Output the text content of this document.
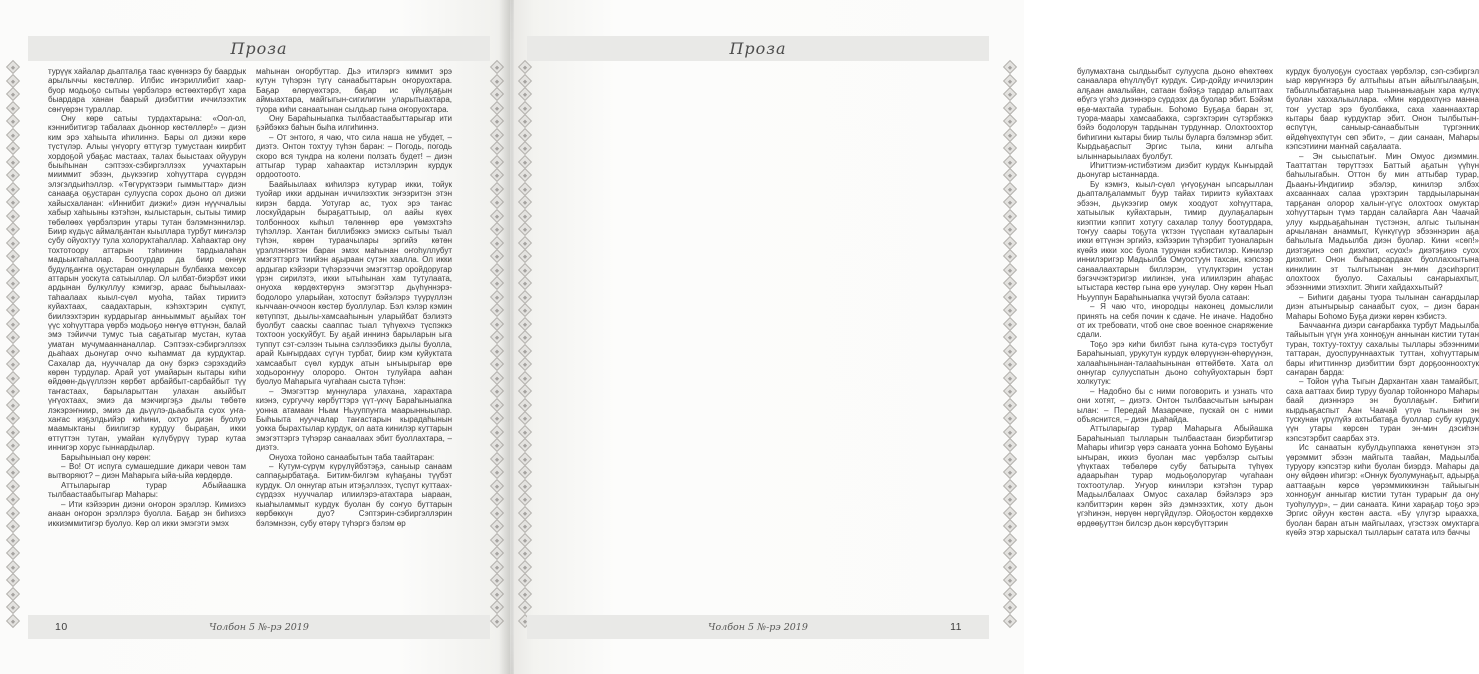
Проза

турүүк хайалар дьапталҕа таас күөннэрэ бу баардык арылыччы көстөллөр. Илбис иҥэриллибит хаар-буор модьоҕо сытыы үөрбэлэрэ өстөөхтөрбүт хара быардара ханан баарый диэбиттии иччилээхтик сөҥүөрэн тураллар.

Ону көрө сатыы турдахтарына: «Оол-ол, кэннибитигэр табалаах дьоннор көстөллөр!» – диэн ким эрэ хаһыыта иһилиннэ. Бары ол диэки көрө түстүлэр. Алыы үҥүоргу өттүгэр тумустаан киирбит хордоҕой убаҕас мастаах, талах быыстаах ойуурун быыһынан сэптээх-сэбиргэллээх уучахтарын мииммит эбээн, дьүкээгир хоһүуттара сүүрдэн элэгэлдьиһэллэр. «Төгүрүктээри гыммыттар» диэн санааҕа оҕустаран сулууспа сорох дьоно ол диэки хайысхаланан: «Иннибит диэки!» диэн нүүччалыы хабыр хаһыыны кэтэһэн, кылыстарын, сытыы тимир төбөлөөх үөрбэлэрин утары тутан бэлэмнэннилэр. Биир күдьүс аймалҕантан кыыллара турбут миҥэлэр субу ойуохтуу тула холоруктаһаллар. Хаһаактар ону тохтотоору аттарын тэһиинин тардыалаһан мадьыктаһаллар. Боотурдар да биир оннук будулҕаҥҥа оҕустаран оннуларын булбакка мөхсөр аттарын уоскута сатыыллар. Ол ылбат-биэрбэт икки ардынан булкуллуу кэмигэр, араас быһыылаах-таһаалаах кыыл-сүөл муоһа, тайах тириитэ куйахтаах, саадахтарын, кэһэхтэрин сүкпүт, биилээхтэрин курдарыгар анньыммыт аҕыйах тоҥ үүс хоһүуттара үөрбэ модьоҕо нөҥүө өттүнэн, балай эмэ тэйиччи тумус тыа саҕатыгар мустан, кутаа уматан мучумааннаналлар. Сэптээх-сэбиргэллээх дьаһаах дьонугар оччо кыһаммат да курдуктар. Сахалар да, нууччалар да ону бэркэ сэрэхэдийэ көрөн турдулар. Арай уот умайарын кытары киһи өйдөөн-дьүүллээн көрбөт арбайбыт-сарбайбыт түү таҥастаах, барыларыттан улахан акыйбыт үҥүохтаах, эмиэ да мэкчиргэҕэ дылы төбөтө лэкэрэҥниир, эмиэ да дьүүлэ-дьаабыта суох уҥа-хаҥас иэҕэлдьийэр киһини, охтуо диэн буолуо маамыктаны биилигэр курдуу быраҕан, икки өттүттэн тутан, умайан күлүбүрүү турар кутаа иннигэр хорус гыннардылар.

Барыһыныап ону көрөн:

– Во! От испуга сумашедшие дикари чевон там вытворяют? – диэн Маһарыга ыйа-ыйа көрдөрдө.

Аттыларыгар турар Абыйаашка тылбаастаабытыгар Маһары:

– Ити кэйээрин диэни оҥорон эрэллэр. Кимиэхэ анаан оҥорон эрэллэрэ буолла. Баҕар эн биһиэхэ иккиэммитигэр буолуо. Көр ол икки эмэгэти эмэх

маһынан оҥорбуттар. Дьэ итилэргэ киммит эрэ кутун түһэрэн түгү санаабыттарын оҥоруохтара. Баҕар өлөрүөхтэрэ, баҕар ис үйүлҕаҕын аймыахтара, майгыгын-сигилигин уларытыахтара, туора киһи санаатынан сылдьар гына оҥоруохтара.

Ону Бараһыныапка тылбаастаабыттарыгар ити ҕэйбэккэ баһын быһа илгиһиннэ.

– От энтого, я чаю, что сила наша не убудет, – диэтэ. Онтон тохтуу түһэн баран: – Погодь, погодь скоро вся тундра на колени ползать будет! – диэн аттыгар турар хаһаактар истэллэрин курдук ордоотоото.

Баайыылаах киһилэрэ кутурар икки, тойук туойар икки ардынан иччилээхтик эҥээритэн этэн кирэн барда. Уотугар ас, туох эрэ таҥас лоскуйдарын быраҕаттыыр, ол аайы күөх толбонноох кыһыл төлөннөр өрө үөмэхтэһэ түһэллэр. Хантан биллибэккэ эмискэ сытыы тыал түһэн, көрөн тураачылары эргийэ көтөн үрэллэҥнэтэн баран эмэх маһынан оҥоһуллубут эмэгэттэргэ тиийэн аҕыраан сүтэн хаалла. Ол икки ардыгар кэйээри түһэрээччи эмэгэттэр оройдоругар үрэн сирилэтэ, икки ытыһынан хам тутулаата, онуоха көрдөхтөрүнэ эмэгэттэр дьүһүннэрэ-бодолоро уларыйан, хотоспут бэйэлэрэ түүрүллэн кыччаан-оччоон көстөр буоллулар. Бэл кэлэр кэмин көтүппэт, дьылы-хамсааһынын уларыйбат бэлиэтэ буолбут сааскы сааппас тыал түһүөхчэ түспэккэ тохтоон уоскуйбут. Бу аҕай иннинэ барыларын ыга туппут сэт-сэлээн тыына сэллээбиккэ дылы буолла, арай Кыҥырдаах сүгүн турбат, биир кэм куйуктата хамсаабыт сүөл курдук атын ыҥыырыгар өрө ходьороҥнуу олороро. Онтон тулуйара ааһан буолуо Маһарыга чугаһаан сыста түһэн:

– Эмэгэттэр муннулара улахана, харахтара киэнэ, сургуччу көрбүттэрэ үүт-үкчү Бараһыныапка уонна атамаан Ньам Ньууппуҥга маарынныылар. Быһыыта нууччалар таҥастарын кырадаһынын уокка бырахтылар курдук, ол аата кинилэр куттарын эмэгэттэргэ түһэрэр санаалаах эбит буоллахтара, – диэтэ.

Онуоха тойоно санаабытын таба таайтаран:

– Кутум-сүрүм күрүлүйбэтэҕэ, саныыр санаам саппаҕырбатаҕа. Битим-билгэм күһаҕаны түүбэт курдук. Ол оннугар атын итэҕэллээх, түспүт куттаах-сүрдээх нууччалар илиилэрэ-атахтара ыараан, кыаһыламмыт курдук буолан бу соҥуо буттарын көрбөккүн дуо? Сэптэрин-сэбиргэллэрин бэлэмнээн, субу өтөрү түһэргэ бэлэм өр

Чолбон 5 №-рэ 2019
10
Проза

булумахтана сылдьыбыт сулууспа дьоно өһөхтөөх санаалара өһүллүбүт курдук. Сир-дойду иччилэрин алҕаан амалыйан, сатаан бэйэҕэ тардар алыптаах өбүгэ үгэһэ диэннэрэ сүрдээх да буолар эбит. Бэйэм өҕө-махтайа турабын. Боһомо Буҕаҕа баран эт, туора-маары хамсаабакка, сэргэхтэрин сүтэрбэккэ бэйэ бодолорун тардынан турдуннар. Олохтоохтор биһигини кытары биир тылы буларга бэлэмнэр эбит. Кырдьаҕаспыт Эргис тыла, кини алгыһа ылыннарыылаах буолбут.

Иһиттиэм-истибэтиэм диэбит курдук Кыҥырдай дьонугар ыстаннарда.

Бу кэмҥэ, кыыл-сүөл үҥүоҕунан ыпсарыллан дьапталҕаламмыт буур тайах тириитэ куйахтаах эбээн, дьүкээгир омук хоодуот хоһүуттара, хатыылык куйахтарын, тимир дуулаҕаларын киэптии кэппит хотугу сахалар толуу боотурдара, тоҥуу саары тоҕута үктээн түүспаан кутааларын икки өттүнэн эргийэ, кэйээрин түһэрбит туоналарын күөйэ икки хос буола турунан кэбистилэр. Кинилэр иннилэригэр Мадьылба Омуостуун тахсан, кэпсээр санаалаахтарын биллэрэн, үтүлүктэрин устан бэгэччэктэригэр иилинэн, уҥа илиилэрин аһаҕас ытыстара көстөр гына өрө уунулар. Ону көрөн Ньап Ньууппун Бараһыныапка үчүгэй буола сатаан:

– Я чаю что, инородцы наконец домыслили принять на себя почин к сдаче. Не иначе. Надобно от их требовати, чтоб оне свое военное снаряжение сдали.

Тоҕо эрэ киһи билбэт гына кута-сүрэ тостубут Бараһыныап, урукутун курдук өлөрүүнэн-өһөрүүнэн, халааһынынан-талааһынынан өттөйбөтө. Хата ол оннугар сулууспатын дьоно соһуйуохтарын бэрт холкутук:

– Надобно бы с ними поговорить и узнать что они хотят, – диэтэ. Онтон тылбаасчытын ыҥыран ылан: – Передай Мазаречке, пускай он с ними объяснится, – диэн дьаһайда.

Аттыларыгар турар Маһарыга Абыйашка Бараһыныап тылларын тылбаастаан биэрбитигэр Маһары иһигэр үөрэ санаата уонна Боһомо Буҕаны ыҥыран, иккиэ буолан мас үөрбэлэр сытыы үһүктаах төбөлөрө субу батырыта түһүөх адаарыһан турар модьоҕолоругар чугаһаан тохтоотулар. Уҥуор кинилэри кэтэһэн турар Мадьылбалаах Омуос сахалар бэйэлэрэ эрэ кэлбиттэрин көрөн эйэ дэмнээхтик, хоту дьон үгэһинэн, нөрүөн нөргүйдүлэр. Ойоҕостон көрдөххө өрдөөҕүттэн билсэр дьон көрсүбүттэрин

курдук буолуоҕун суостаах үөрбэлэр, сэп-сэбиргэл ыар көрүҥнэрэ бу алтыһыы атын айылгылааҕын, табыллыбатаҕына ыар тыыннаныаҕын хара күлүк буолан хаххалыыллара. «Мин көрдөхпүнэ манна тоҥ уустар эрэ буолбакка, саха хааннаахтар кытары баар курдуктар эбит. Онон тылбытын-өспүтүн, саныыр-санаабытын түргэнник өйдөһүөхпүтүн сөп эбит», – дии санаан, Маһары кэпсэтиини маҥнай саҕалаата.

– Эн сыыспатыҥ. Мин Омуос диэммин. Тааттаттан төрүттээх Баттый аҕатын үүһүн баһылыгабын. Оттон бу мин аттыбар турар, Дьааҥы-Индигиир эбэлэр, кинилэр элбэх ахсааннаах салаа үрэхтэрин тардыыларынан тарҕанан олорор халыҥ-үгүс олохтоох омуктар хоһүуттарын түмэ тардан салайарга Аан Чаачай улуу кырдьаҕаһынан түстэнэн, алгыс тылынан арчыланан анаммыт, Күнкүгүүр эбээннэрин аҕа баһылыга Мадьылба диэн буолар. Кини «сөп!» диэтэҕинэ сөп диэхпит, «суох!» диэтэҕинэ суох диэхпит. Онон быһаарсардаах буоллаххытына кинилиин эт тылгытынан эн-мин дэсиһэргит олохтоох буолуо. Сахалыы саҥарыахпыт, эбээнними этиэхпит. Эһиги хайдаххытый?

– Биһиги даҕаны туора тылынан саҥардылар диэн атыҥырыыр санаабыт суох, – диэн баран Маһары Боһомо Буҕа диэки көрөн кэбистэ.

Баччааҥҥа диэри саҥарбакка турбут Мадьылба тайыытын үгүн уҥа хонноҕун аннынан кистии тутан туран, тохтуу-тохтуу сахалыы тыллары эбээнними таттаран, дуоспуруннаахтык туттан, хоһүуттарым бары иһиттиннэр диэбиттии бэрт дорҕоонноохтук саҥаран барда:

– Тойон үүһа Тыгын Дархантан хаан тамайбыт, саха ааттаах биир туруу буолар тойонноро Маһары баай диэннэрэ эн буоллаҕыҥ. Биһиги кырдьаҕаспыт Аан Чаачай үтүө тылынан эн тускунан үрүлүйэ ахтыбатаҕа буоллар субу курдук үүн утары көрсөн туран эн-мин дэсиһэн кэпсэтэрбит саарбах этэ.

Ис санаатын кубулдьуппакка көнөтүнэн этэ үөрэммит эбээн майгыта таайан, Мадьылба туруору кэпсэтэр киһи буолан биэрдэ. Маһары да ону өйдөөн иһигэр: «Оннук буолумунаҕыт, адьырҕа ааттааҕын көрсө үөрэммиккинэн тайыыгын хонноҕуҥ анныгар кистии тутан турарыҥ да ону туоһулуур», – дии санаата. Кини хараҕар тоҕо эрэ Эргис ойуун көстөн ааста. «Бу үлүгэр ыраахха, буолан баран атын майгылаах, үгэстээх омуктарга күөйэ этэр харыскал тылларыҥ сатата илэ баччы

Чолбон 5 №-рэ 2019	11
